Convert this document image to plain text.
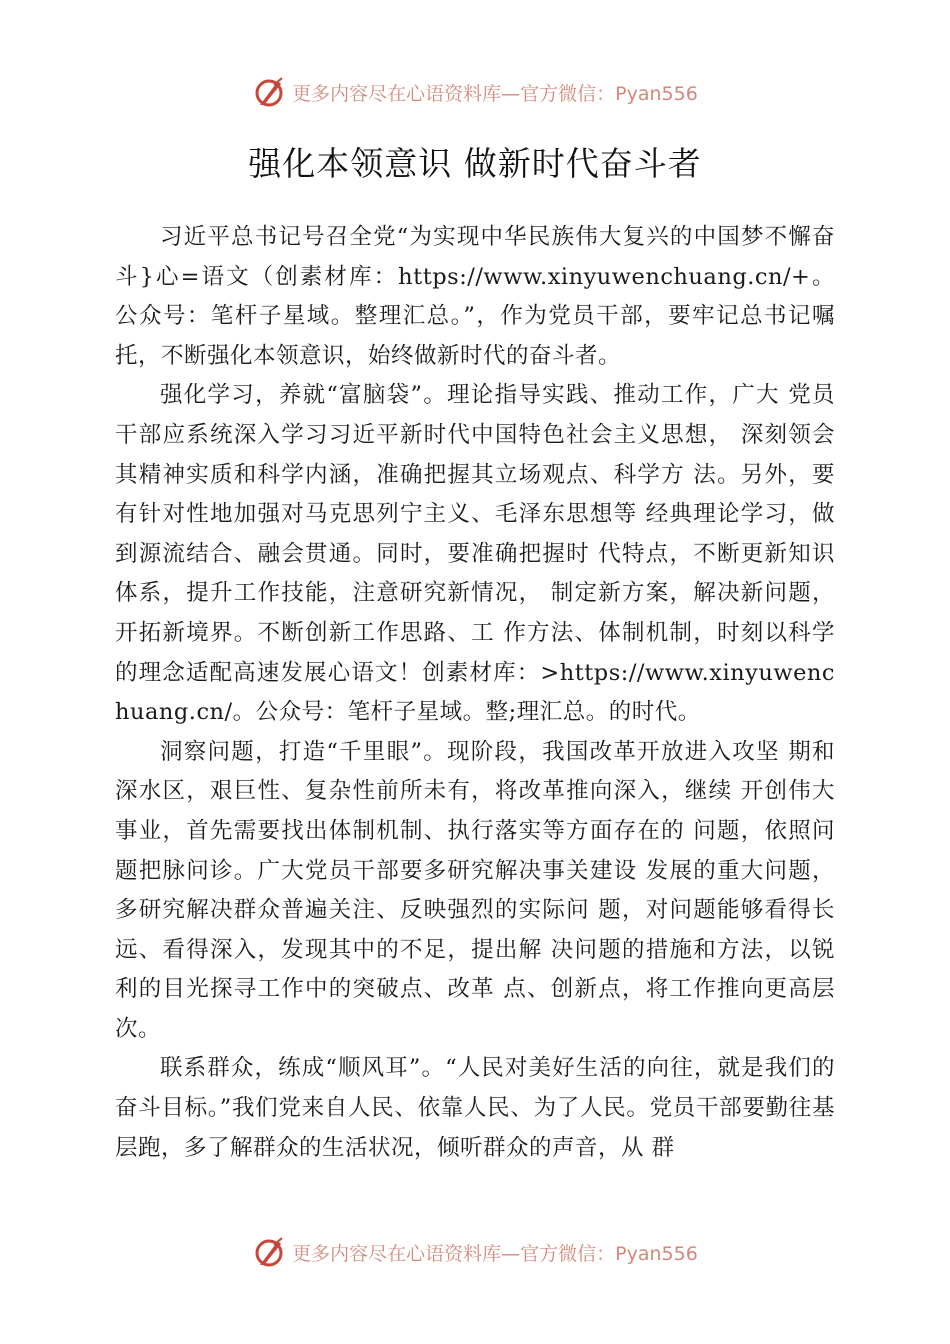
更多内容尽在心语资料库—官方微信：Pyan556
强化本领意识 做新时代奋斗者

习近平总书记号召全党“为实现中华民族伟大复兴的中国梦不懈奋斗}心=语文（创素材库：https://www.xinyuwenchuang.cn/+。公众号：笔杆子星域。整理汇总。”，作为党员干部，要牢记总书记嘱托，不断强化本领意识，始终做新时代的奋斗者。

强化学习，养就“富脑袋”。理论指导实践、推动工作，广大 党员干部应系统深入学习习近平新时代中国特色社会主义思想， 深刻领会其精神实质和科学内涵，准确把握其立场观点、科学方 法。另外，要有针对性地加强对马克思列宁主义、毛泽东思想等 经典理论学习，做到源流结合、融会贯通。同时，要准确把握时 代特点，不断更新知识体系，提升工作技能，注意研究新情况， 制定新方案，解决新问题，开拓新境界。不断创新工作思路、工 作方法、体制机制，时刻以科学的理念适配高速发展心语文！创素材库：>https://www.xinyuwenchuang.cn/。公众号：笔杆子星域。整;理汇总。的时代。

洞察问题，打造“千里眼”。现阶段，我国改革开放进入攻坚 期和深水区，艰巨性、复杂性前所未有，将改革推向深入，继续 开创伟大事业，首先需要找出体制机制、执行落实等方面存在的 问题，依照问题把脉问诊。广大党员干部要多研究解决事关建设 发展的重大问题，多研究解决群众普遍关注、反映强烈的实际问 题，对问题能够看得长远、看得深入，发现其中的不足，提出解 决问题的措施和方法，以锐利的目光探寻工作中的突破点、改革 点、创新点，将工作推向更高层次。

联系群众，练成“顺风耳”。“人民对美好生活的向往，就是我们的奋斗目标。”我们党来自人民、依靠人民、为了人民。党员干部要勤往基层跑，多了解群众的生活状况，倾听群众的声音，从 群

更多内容尽在心语资料库—官方微信：Pyan556
